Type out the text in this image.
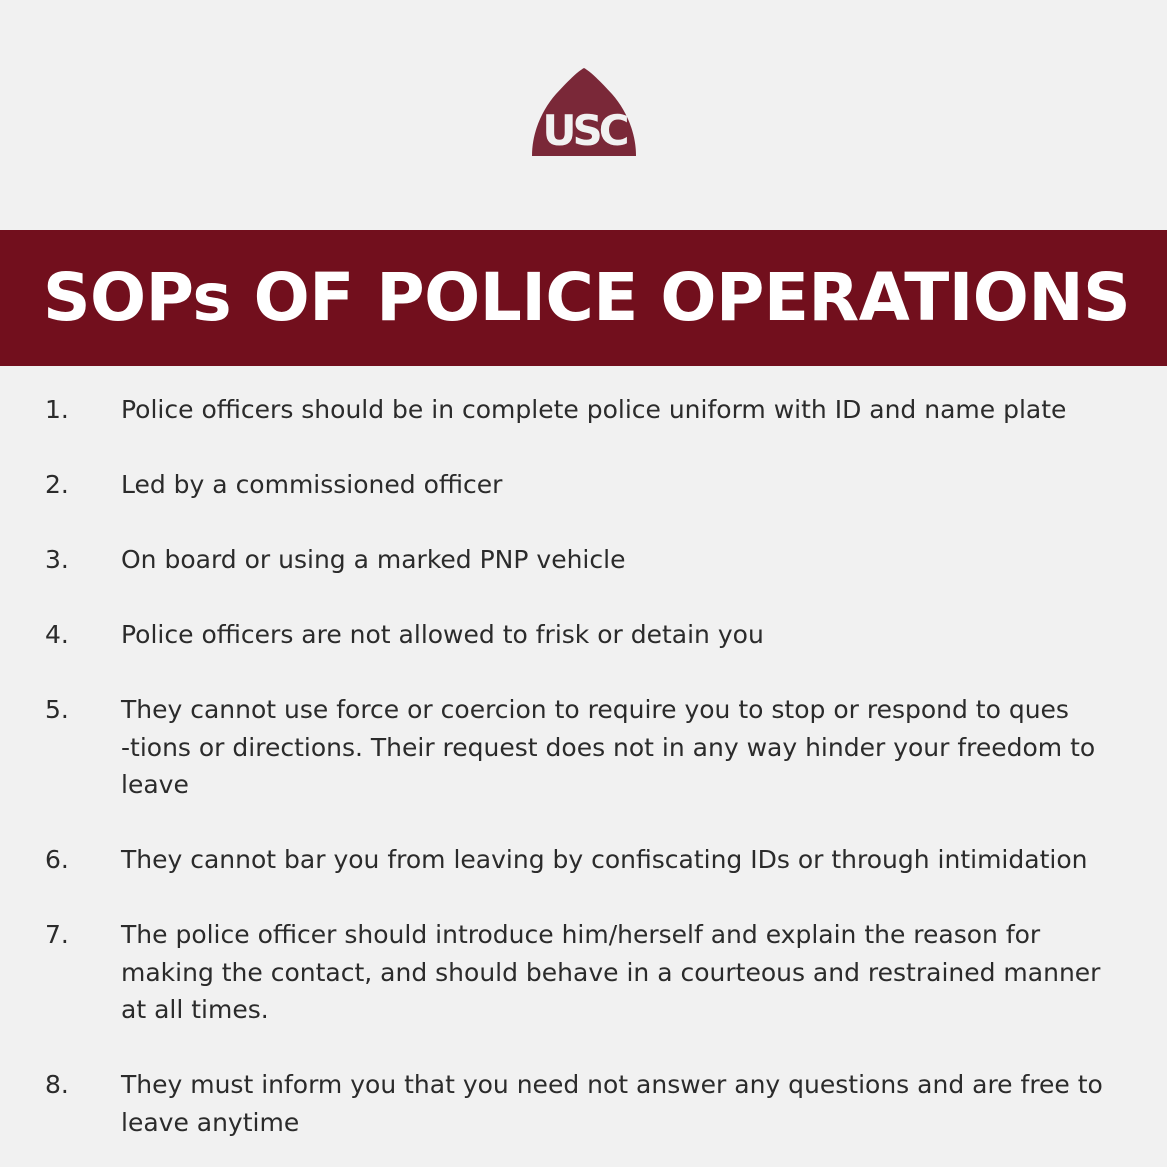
USC
SOPs OF POLICE OPERATIONS
1. Police officers should be in complete police uniform with ID and name plate
2. Led by a commissioned officer
3. On board or using a marked PNP vehicle
4. Police officers are not allowed to frisk or detain you
5. They cannot use force or coercion to require you to stop or respond to ques
-tions or directions. Their request does not in any way hinder your freedom to
leave
6. They cannot bar you from leaving by confiscating IDs or through intimidation
7. The police officer should introduce him/herself and explain the reason for
making the contact, and should behave in a courteous and restrained manner
at all times.
8. They must inform you that you need not answer any questions and are free to
leave anytime
